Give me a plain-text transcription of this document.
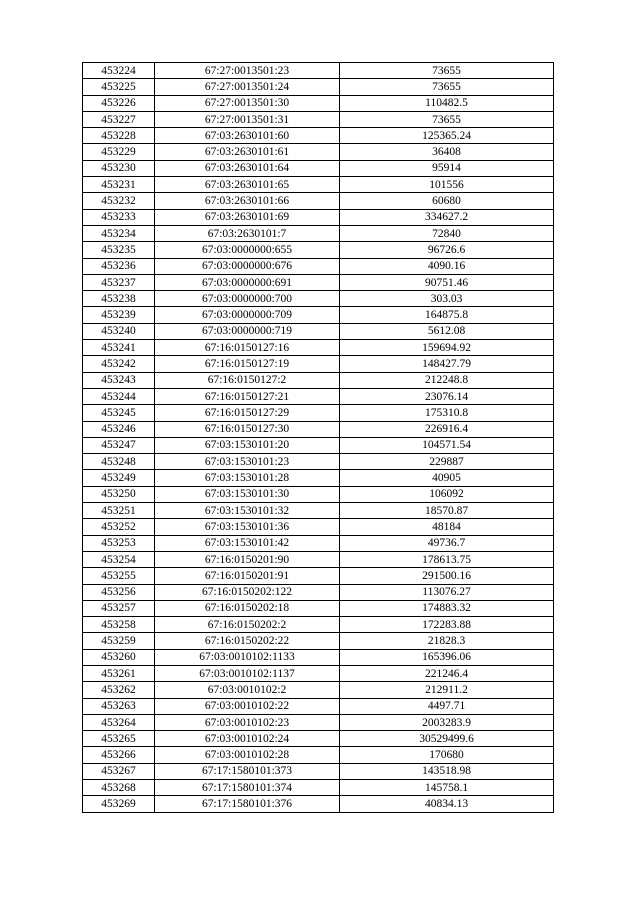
453224	67:27:0013501:23	73655
453225	67:27:0013501:24	73655
453226	67:27:0013501:30	110482.5
453227	67:27:0013501:31	73655
453228	67:03:2630101:60	125365.24
453229	67:03:2630101:61	36408
453230	67:03:2630101:64	95914
453231	67:03:2630101:65	101556
453232	67:03:2630101:66	60680
453233	67:03:2630101:69	334627.2
453234	67:03:2630101:7	72840
453235	67:03:0000000:655	96726.6
453236	67:03:0000000:676	4090.16
453237	67:03:0000000:691	90751.46
453238	67:03:0000000:700	303.03
453239	67:03:0000000:709	164875.8
453240	67:03:0000000:719	5612.08
453241	67:16:0150127:16	159694.92
453242	67:16:0150127:19	148427.79
453243	67:16:0150127:2	212248.8
453244	67:16:0150127:21	23076.14
453245	67:16:0150127:29	175310.8
453246	67:16:0150127:30	226916.4
453247	67:03:1530101:20	104571.54
453248	67:03:1530101:23	229887
453249	67:03:1530101:28	40905
453250	67:03:1530101:30	106092
453251	67:03:1530101:32	18570.87
453252	67:03:1530101:36	48184
453253	67:03:1530101:42	49736.7
453254	67:16:0150201:90	178613.75
453255	67:16:0150201:91	291500.16
453256	67:16:0150202:122	113076.27
453257	67:16:0150202:18	174883.32
453258	67:16:0150202:2	172283.88
453259	67:16:0150202:22	21828.3
453260	67:03:0010102:1133	165396.06
453261	67:03:0010102:1137	221246.4
453262	67:03:0010102:2	212911.2
453263	67:03:0010102:22	4497.71
453264	67:03:0010102:23	2003283.9
453265	67:03:0010102:24	30529499.6
453266	67:03:0010102:28	170680
453267	67:17:1580101:373	143518.98
453268	67:17:1580101:374	145758.1
453269	67:17:1580101:376	40834.13
